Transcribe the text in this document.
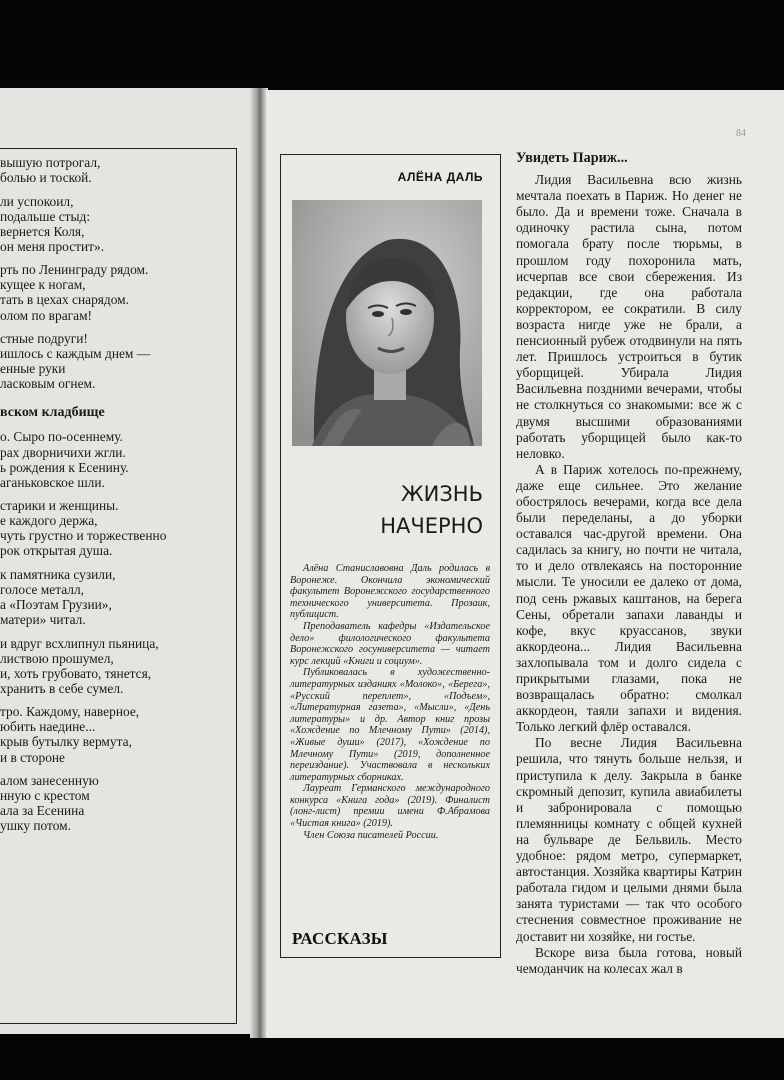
вышую потрогал,
болью и тоской.
ли успокоил,
подальше стыд:
вернется Коля,
он меня простит».
рть по Ленинграду рядом.
кущее к ногам,
тать в цехах снарядом.
олом по врагам!
стные подруги!
ишлось с каждым днем —
енные руки
ласковым огнем.
вском кладбище
о. Сыро по-осеннему.
рах дворничихи жгли.
ь рождения к Есенину.
аганьковское шли.
старики и женщины.
е каждого держа,
чуть грустно и торжественно
рок открытая душа.
к памятника сузили,
голосе металл,
а «Поэтам Грузии»,
матери» читал.
и вдруг всхлипнул пьяница,
листвою прошумел,
и, хоть грубовато, тянется,
хранить в себе сумел.
тро. Каждому, наверное,
юбить наедине...
крыв бутылку вермута,
и в стороне
алом занесенную
нную с крестом
ала за Есенина
ушку потом.
84
АЛЁНА ДАЛЬ
ЖИЗНЬ
НАЧЕРНО

Алёна Станиславовна Даль родилась в Воронеже. Окончила экономический факультет Воронежского государственного технического университета. Прозаик, публицист.

Преподаватель кафедры «Издательское дело» филологического факультета Воронежского госуниверситета — читает курс лекций «Книги и социум».

Публиковалась в художественно-литературных изданиях «Молоко», «Берега», «Русский переплет», «Подъем», «Литературная газета», «Мысли», «День литературы» и др. Автор книг прозы «Хождение по Млечному Пути» (2014), «Живые души» (2017), «Хождение по Млечному Пути» (2019, дополненное переиздание). Участвовала в нескольких литературных сборниках.

Лауреат Германского международного конкурса «Книга года» (2019). Финалист (лонг-лист) премии имени Ф.Абрамова «Чистая книга» (2019).

Член Союза писателей России.

РАССКАЗЫ
Увидеть Париж...

Лидия Васильевна всю жизнь мечтала поехать в Париж. Но денег не было. Да и времени тоже. Сначала в одиночку растила сына, потом помогала брату после тюрьмы, в прошлом году похоронила мать, исчерпав все свои сбережения. Из редакции, где она работала корректором, ее сократили. В силу возраста нигде уже не брали, а пенсионный рубеж отодвинули на пять лет. Пришлось устроиться в бутик уборщицей. Убирала Лидия Васильевна поздними вечерами, чтобы не столкнуться со знакомыми: все ж с двумя высшими образованиями работать уборщицей было как-то неловко.

А в Париж хотелось по-прежнему, даже еще сильнее. Это желание обострялось вечерами, когда все дела были переделаны, а до уборки оставался час-другой времени. Она садилась за книгу, но почти не читала, то и дело отвлекаясь на посторонние мысли. Те уносили ее далеко от дома, под сень ржавых каштанов, на берега Сены, обретали запахи лаванды и кофе, вкус круассанов, звуки аккордеона... Лидия Васильевна захлопывала том и долго сидела с прикрытыми глазами, пока не возвращалась обратно: смолкал аккордеон, таяли запахи и видения. Только легкий флёр оставался.

По весне Лидия Васильевна решила, что тянуть больше нельзя, и приступила к делу. Закрыла в банке скромный депозит, купила авиабилеты и забронировала с помощью племянницы комнату с общей кухней на бульваре де Бельвиль. Место удобное: рядом метро, супермаркет, автостанция. Хозяйка квартиры Катрин работала гидом и целыми днями была занята туристами — так что особого стеснения совместное проживание не доставит ни хозяйке, ни гостье.

Вскоре виза была готова, новый чемоданчик на колесах жал в
